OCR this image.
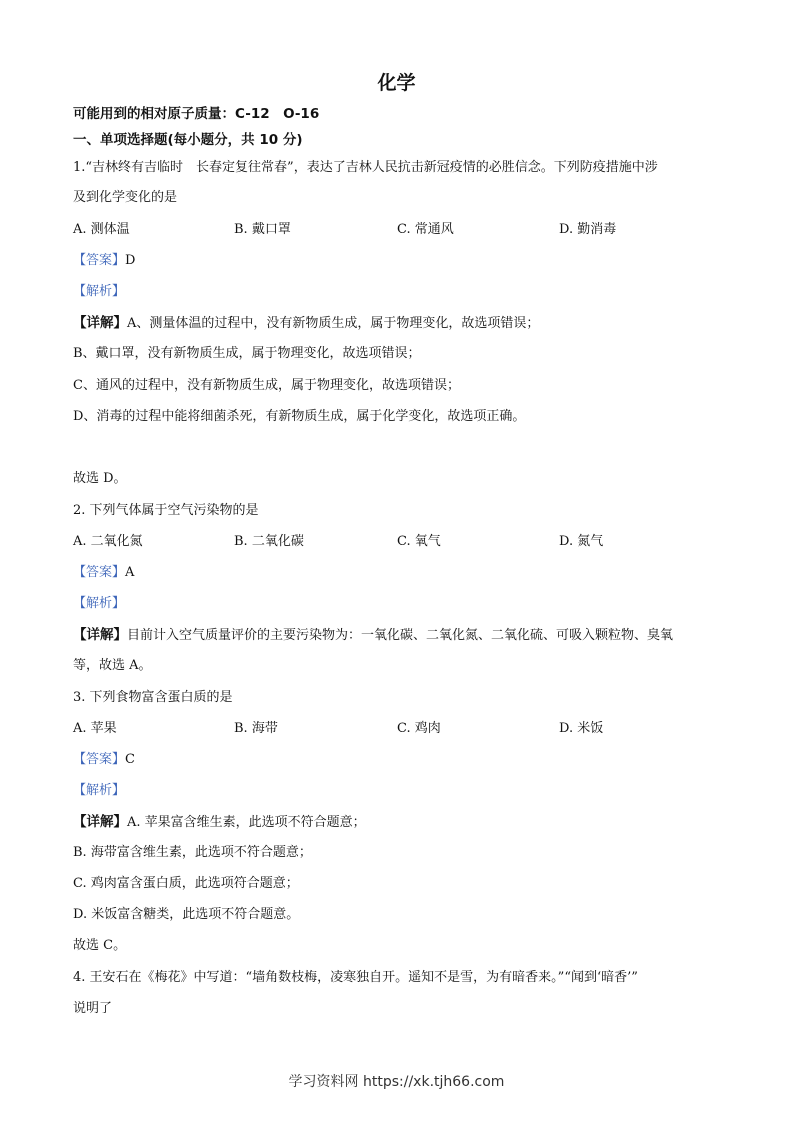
化学
可能用到的相对原子质量：C-12　O-16
一、单项选择题(每小题分，共 10 分)
1.“吉林终有吉临时　长春定复往常春”，表达了吉林人民抗击新冠疫情的必胜信念。下列防疫措施中涉
及到化学变化的是
A. 测体温	B. 戴口罩	C. 常通风	D. 勤消毒
【答案】D
【解析】
【详解】A、测量体温的过程中，没有新物质生成，属于物理变化，故选项错误；
B、戴口罩，没有新物质生成，属于物理变化，故选项错误；
C、通风的过程中，没有新物质生成，属于物理变化，故选项错误；
D、消毒的过程中能将细菌杀死，有新物质生成，属于化学变化，故选项正确。
故选 D。
2. 下列气体属于空气污染物的是
A. 二氧化氮	B. 二氧化碳	C. 氧气	D. 氮气
【答案】A
【解析】
【详解】目前计入空气质量评价的主要污染物为：一氧化碳、二氧化氮、二氧化硫、可吸入颗粒物、臭氧
等，故选 A。
3. 下列食物富含蛋白质的是
A. 苹果	B. 海带	C. 鸡肉	D. 米饭
【答案】C
【解析】
【详解】A. 苹果富含维生素，此选项不符合题意；
B. 海带富含维生素，此选项不符合题意；
C. 鸡肉富含蛋白质，此选项符合题意；
D. 米饭富含糖类，此选项不符合题意。
故选 C。
4. 王安石在《梅花》中写道：“墙角数枝梅，凌寒独自开。遥知不是雪，为有暗香来。”“闻到‘暗香’”
说明了
学习资料网 https://xk.tjh66.com
